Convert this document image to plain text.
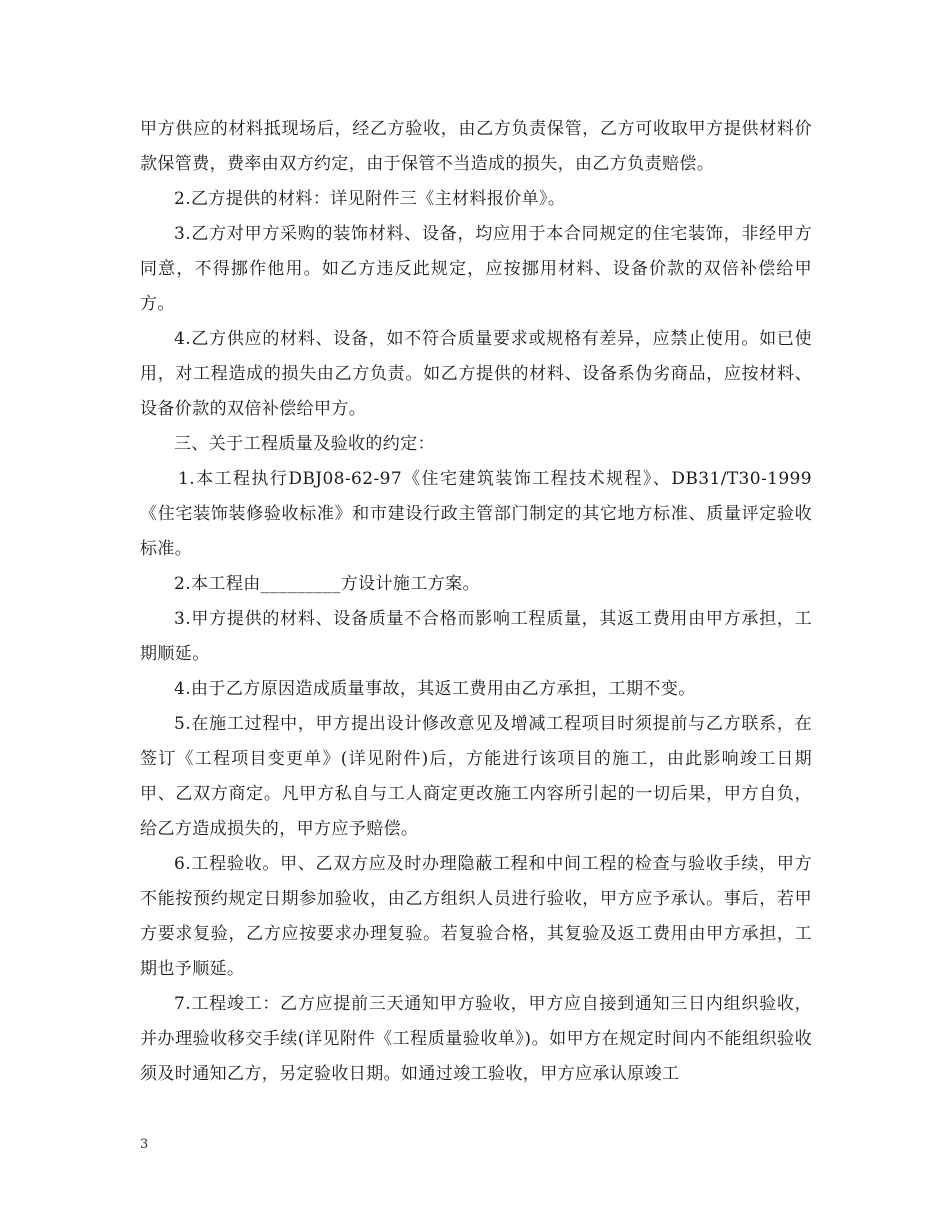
甲方供应的材料抵现场后，经乙方验收，由乙方负责保管，乙方可收取甲方提供材料价款保管费，费率由双方约定，由于保管不当造成的损失，由乙方负责赔偿。

2.乙方提供的材料：详见附件三《主材料报价单》。

3.乙方对甲方采购的装饰材料、设备，均应用于本合同规定的住宅装饰，非经甲方同意，不得挪作他用。如乙方违反此规定，应按挪用材料、设备价款的双倍补偿给甲方。

4.乙方供应的材料、设备，如不符合质量要求或规格有差异，应禁止使用。如已使用，对工程造成的损失由乙方负责。如乙方提供的材料、设备系伪劣商品，应按材料、设备价款的双倍补偿给甲方。

三、关于工程质量及验收的约定：

1.本工程执行DBJ08-62-97《住宅建筑装饰工程技术规程》、DB31/T30-1999《住宅装饰装修验收标准》和市建设行政主管部门制定的其它地方标准、质量评定验收标准。

2.本工程由_________方设计施工方案。

3.甲方提供的材料、设备质量不合格而影响工程质量，其返工费用由甲方承担，工期顺延。

4.由于乙方原因造成质量事故，其返工费用由乙方承担，工期不变。

5.在施工过程中，甲方提出设计修改意见及增减工程项目时须提前与乙方联系，在签订《工程项目变更单》(详见附件)后，方能进行该项目的施工，由此影响竣工日期甲、乙双方商定。凡甲方私自与工人商定更改施工内容所引起的一切后果，甲方自负，给乙方造成损失的，甲方应予赔偿。

6.工程验收。甲、乙双方应及时办理隐蔽工程和中间工程的检查与验收手续，甲方不能按预约规定日期参加验收，由乙方组织人员进行验收，甲方应予承认。事后，若甲方要求复验，乙方应按要求办理复验。若复验合格，其复验及返工费用由甲方承担，工期也予顺延。

7.工程竣工：乙方应提前三天通知甲方验收，甲方应自接到通知三日内组织验收，并办理验收移交手续(详见附件《工程质量验收单》)。如甲方在规定时间内不能组织验收须及时通知乙方，另定验收日期。如通过竣工验收，甲方应承认原竣工

3
